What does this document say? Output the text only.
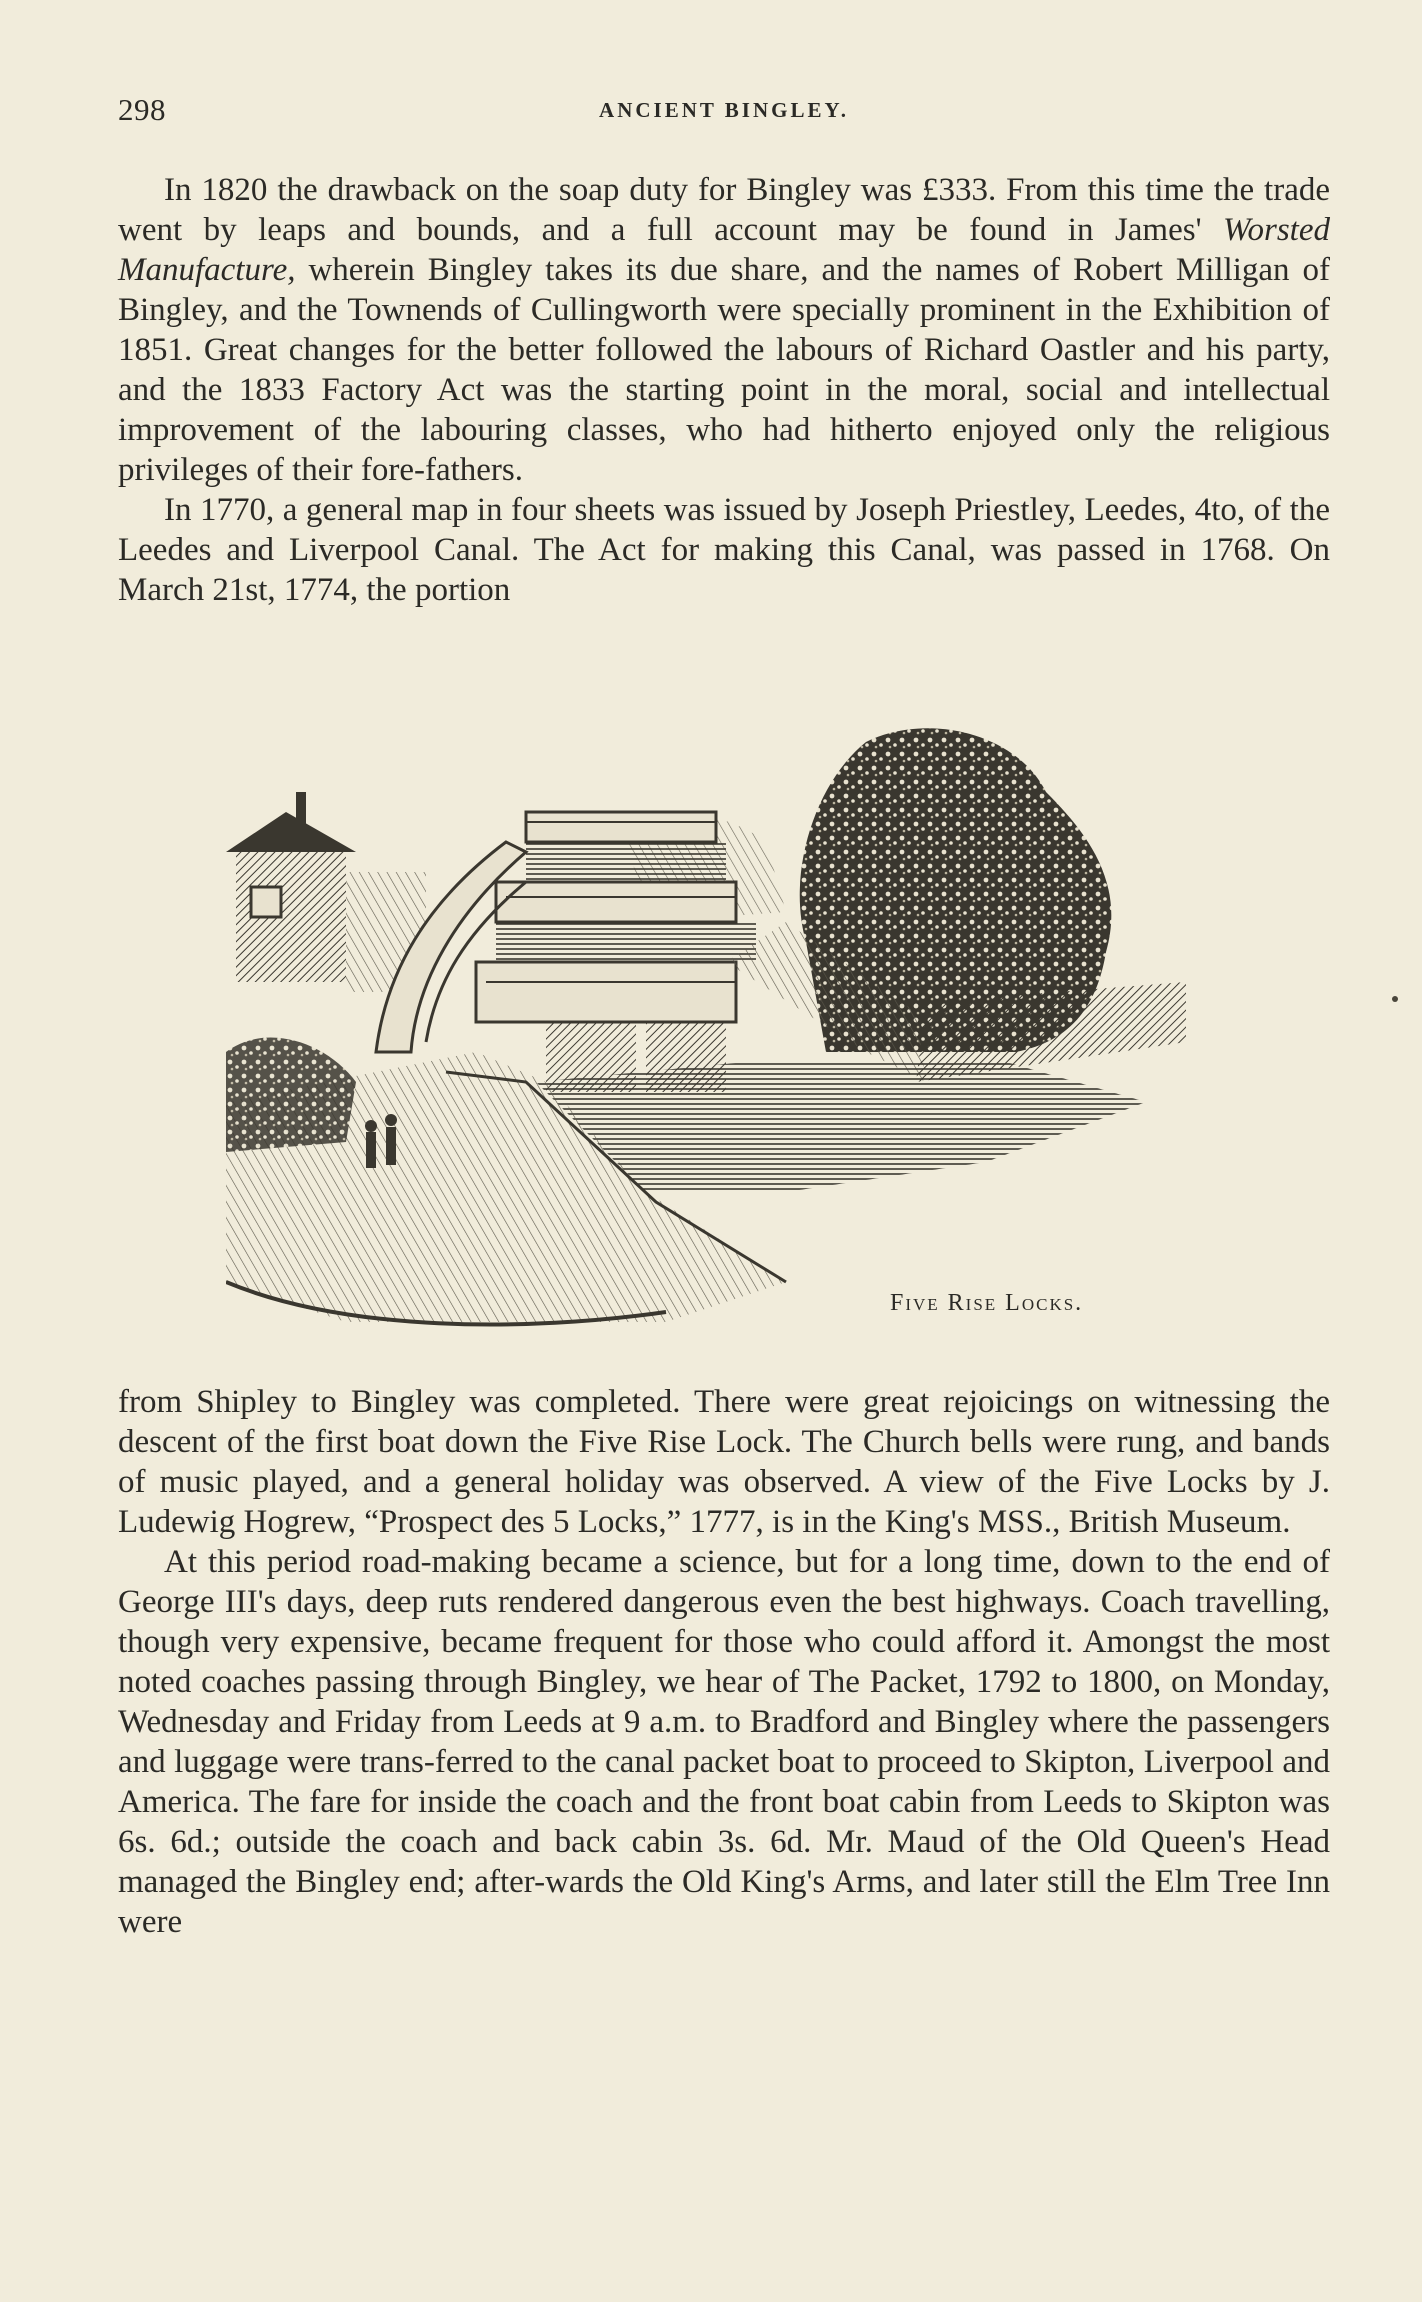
298	ANCIENT BINGLEY.

In 1820 the drawback on the soap duty for Bingley was £333. From this time the trade went by leaps and bounds, and a full account may be found in James' Worsted Manufacture, wherein Bingley takes its due share, and the names of Robert Milligan of Bingley, and the Townends of Cullingworth were specially prominent in the Exhibition of 1851. Great changes for the better followed the labours of Richard Oastler and his party, and the 1833 Factory Act was the starting point in the moral, social and intellectual improvement of the labouring classes, who had hitherto enjoyed only the religious privileges of their fore-fathers.

In 1770, a general map in four sheets was issued by Joseph Priestley, Leedes, 4to, of the Leedes and Liverpool Canal. The Act for making this Canal, was passed in 1768. On March 21st, 1774, the portion

Five Rise Locks.

from Shipley to Bingley was completed. There were great rejoicings on witnessing the descent of the first boat down the Five Rise Lock. The Church bells were rung, and bands of music played, and a general holiday was observed. A view of the Five Locks by J. Ludewig Hogrew, “Prospect des 5 Locks,” 1777, is in the King's MSS., British Museum.

At this period road-making became a science, but for a long time, down to the end of George III's days, deep ruts rendered dangerous even the best highways. Coach travelling, though very expensive, became frequent for those who could afford it. Amongst the most noted coaches passing through Bingley, we hear of The Packet, 1792 to 1800, on Monday, Wednesday and Friday from Leeds at 9 a.m. to Bradford and Bingley where the passengers and luggage were trans-ferred to the canal packet boat to proceed to Skipton, Liverpool and America. The fare for inside the coach and the front boat cabin from Leeds to Skipton was 6s. 6d.; outside the coach and back cabin 3s. 6d. Mr. Maud of the Old Queen's Head managed the Bingley end; after-wards the Old King's Arms, and later still the Elm Tree Inn were
